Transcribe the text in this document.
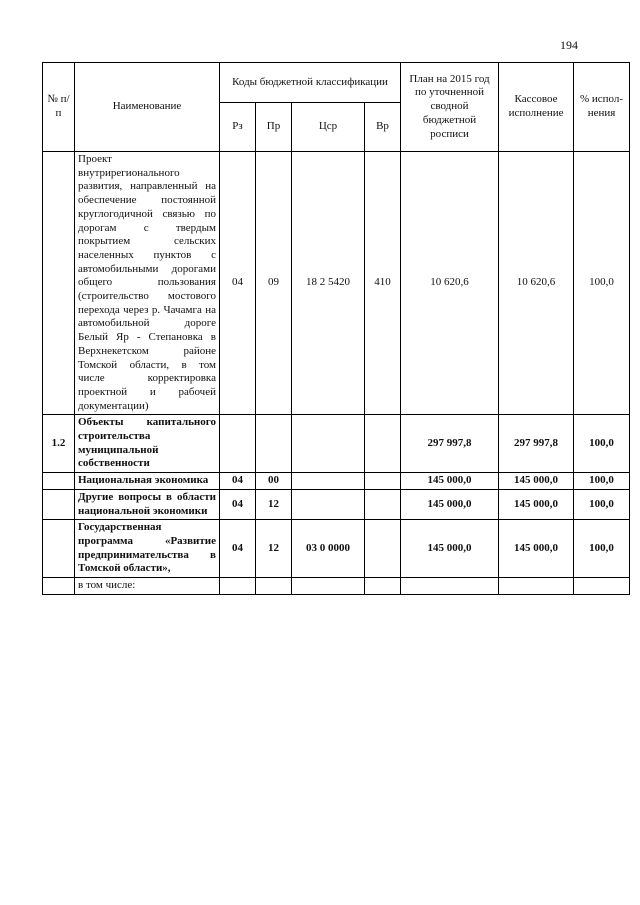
194
№ п/п	Наименование	Коды бюджетной классификации				План на 2015 год по уточненной сводной бюджетной росписи	Кассовое исполнение	% испол-нения
		Рз	Пр	Цср	Вр			
	Проект внутрирегионального развития, направленный на обеспечение постоянной круглогодичной связью по дорогам с твердым покрытием сельских населенных пунктов с автомобильными дорогами общего пользования (строительство мостового перехода через р. Чачамга на автомобильной дороге Белый Яр - Степановка в Верхнекетском районе Томской области, в том числе корректировка проектной и рабочей документации)	04	09	18 2 5420	410	10 620,6	10 620,6	100,0
1.2	Объекты капитального строительства муниципальной собственности					297 997,8	297 997,8	100,0
	Национальная экономика	04	00			145 000,0	145 000,0	100,0
	Другие вопросы в области национальной экономики	04	12			145 000,0	145 000,0	100,0
	Государственная программа «Развитие предпринимательства в Томской области»,	04	12	03 0 0000		145 000,0	145 000,0	100,0
	в том числе:							
